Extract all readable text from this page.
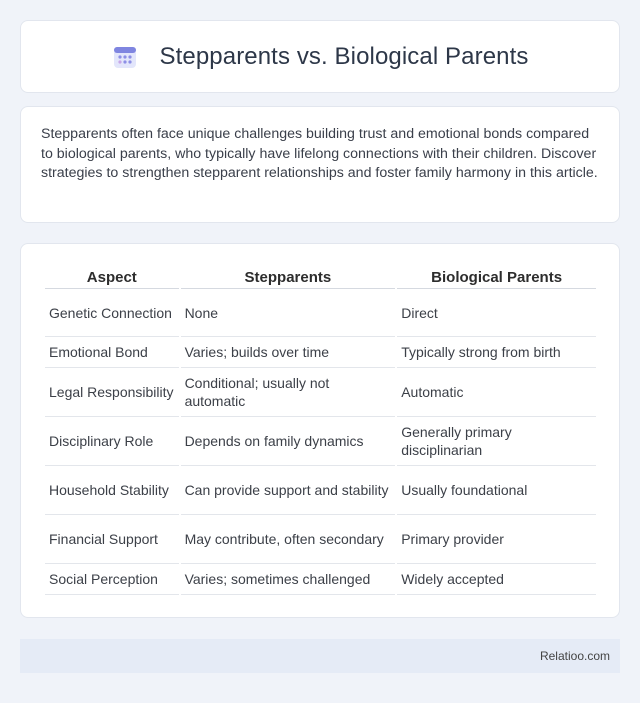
Stepparents vs. Biological Parents

Stepparents often face unique challenges building trust and emotional bonds compared to biological parents, who typically have lifelong connections with their children. Discover strategies to strengthen stepparent relationships and foster family harmony in this article.

Aspect	Stepparents	Biological Parents
Genetic Connection	None	Direct
Emotional Bond	Varies; builds over time	Typically strong from birth
Legal Responsibility	Conditional; usually not automatic	Automatic
Disciplinary Role	Depends on family dynamics	Generally primary disciplinarian
Household Stability	Can provide support and stability	Usually foundational
Financial Support	May contribute, often secondary	Primary provider
Social Perception	Varies; sometimes challenged	Widely accepted
Relatioo.com
